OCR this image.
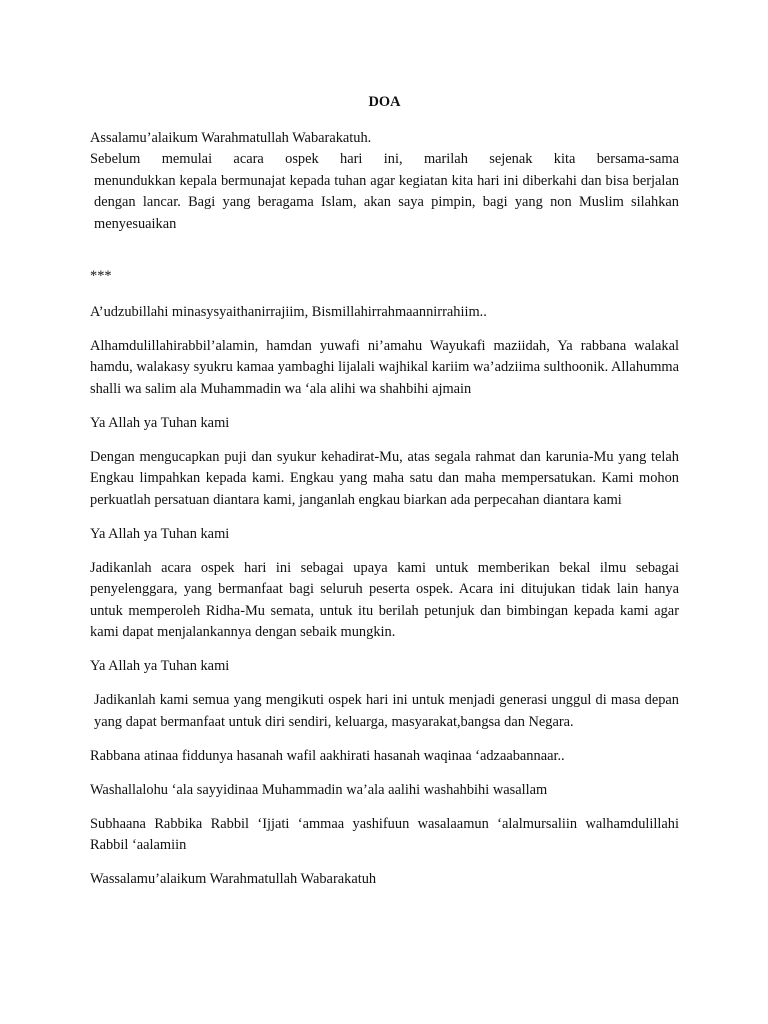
DOA

Assalamu’alaikum Warahmatullah Wabarakatuh.

Sebelum memulai acara ospek hari ini, marilah sejenak kita bersama-sama

menundukkan kepala bermunajat kepada tuhan agar kegiatan kita hari ini diberkahi dan bisa berjalan dengan lancar. Bagi yang beragama Islam, akan saya pimpin, bagi yang non Muslim silahkan menyesuaikan

***

A’udzubillahi minasysyaithanirrajiim, Bismillahirrahmaannirrahiim..

Alhamdulillahirabbil’alamin, hamdan yuwafi ni’amahu Wayukafi maziidah, Ya rabbana walakal hamdu, walakasy syukru kamaa yambaghi lijalali wajhikal kariim wa’adziima sulthoonik. Allahumma shalli wa salim ala Muhammadin wa ‘ala alihi wa shahbihi ajmain

Ya Allah ya Tuhan kami

Dengan mengucapkan puji dan syukur kehadirat-Mu, atas segala rahmat dan karunia-Mu yang telah Engkau limpahkan kepada kami. Engkau yang maha satu dan maha mempersatukan. Kami mohon perkuatlah persatuan diantara kami, janganlah engkau biarkan ada perpecahan diantara kami

Ya Allah ya Tuhan kami

Jadikanlah acara ospek hari ini sebagai upaya kami untuk memberikan bekal ilmu sebagai penyelenggara, yang bermanfaat bagi seluruh peserta ospek. Acara ini ditujukan tidak lain hanya untuk memperoleh Ridha-Mu semata, untuk itu berilah petunjuk dan bimbingan kepada kami agar kami dapat menjalankannya dengan sebaik mungkin.

Ya Allah ya Tuhan kami

Jadikanlah kami semua yang mengikuti ospek hari ini untuk menjadi generasi unggul di masa depan yang dapat bermanfaat untuk diri sendiri, keluarga, masyarakat,bangsa dan Negara.

Rabbana atinaa fiddunya hasanah wafil aakhirati hasanah waqinaa ‘adzaabannaar..

Washallalohu ‘ala sayyidinaa Muhammadin wa’ala aalihi washahbihi wasallam

Subhaana Rabbika Rabbil ‘Ijjati ‘ammaa yashifuun wasalaamun ‘alalmursaliin walhamdulillahi Rabbil ‘aalamiin

Wassalamu’alaikum Warahmatullah Wabarakatuh
